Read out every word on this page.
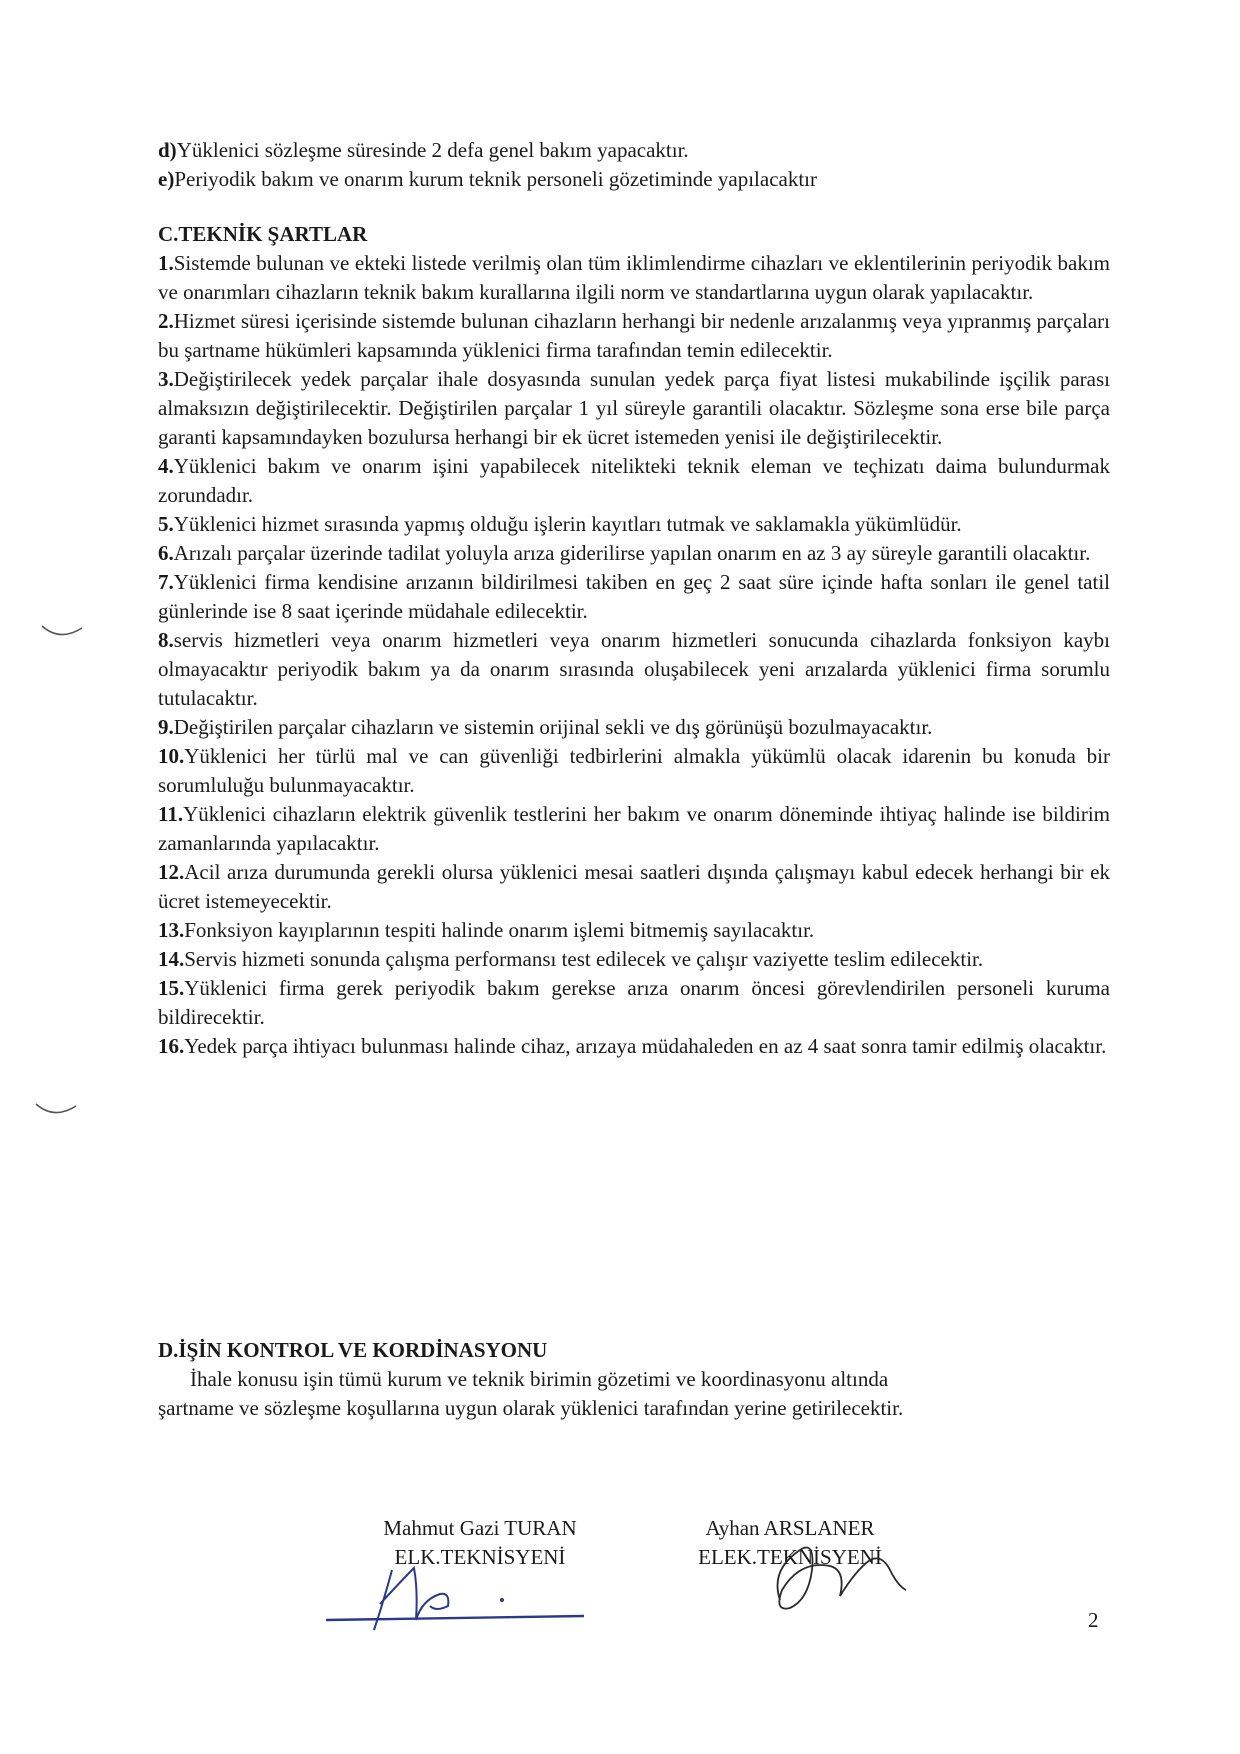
d)Yüklenici sözleşme süresinde 2 defa genel bakım yapacaktır.

e)Periyodik bakım ve onarım kurum teknik personeli gözetiminde yapılacaktır

C.TEKNİK ŞARTLAR

1.Sistemde bulunan ve ekteki listede verilmiş olan tüm iklimlendirme cihazları ve eklentilerinin periyodik bakım ve onarımları cihazların teknik bakım kurallarına ilgili norm ve standartlarına uygun olarak yapılacaktır.

2.Hizmet süresi içerisinde sistemde bulunan cihazların herhangi bir nedenle arızalanmış veya yıpranmış parçaları bu şartname hükümleri kapsamında yüklenici firma tarafından temin edilecektir.

3.Değiştirilecek yedek parçalar ihale dosyasında sunulan yedek parça fiyat listesi mukabilinde işçilik parası almaksızın değiştirilecektir. Değiştirilen parçalar 1 yıl süreyle garantili olacaktır. Sözleşme sona erse bile parça garanti kapsamındayken bozulursa herhangi bir ek ücret istemeden yenisi ile değiştirilecektir.

4.Yüklenici bakım ve onarım işini yapabilecek nitelikteki teknik eleman ve teçhizatı daima bulundurmak zorundadır.

5.Yüklenici hizmet sırasında yapmış olduğu işlerin kayıtları tutmak ve saklamakla yükümlüdür.

6.Arızalı parçalar üzerinde tadilat yoluyla arıza giderilirse yapılan onarım en az 3 ay süreyle garantili olacaktır.

7.Yüklenici firma kendisine arızanın bildirilmesi takiben en geç 2 saat süre içinde hafta sonları ile genel tatil günlerinde ise 8 saat içerinde müdahale edilecektir.

8.servis hizmetleri veya onarım hizmetleri veya onarım hizmetleri sonucunda cihazlarda fonksiyon kaybı olmayacaktır periyodik bakım ya da onarım sırasında oluşabilecek yeni arızalarda yüklenici firma sorumlu tutulacaktır.

9.Değiştirilen parçalar cihazların ve sistemin orijinal sekli ve dış görünüşü bozulmayacaktır.

10.Yüklenici her türlü mal ve can güvenliği tedbirlerini almakla yükümlü olacak idarenin bu konuda bir sorumluluğu bulunmayacaktır.

11.Yüklenici cihazların elektrik güvenlik testlerini her bakım ve onarım döneminde ihtiyaç halinde ise bildirim zamanlarında yapılacaktır.

12.Acil arıza durumunda gerekli olursa yüklenici mesai saatleri dışında çalışmayı kabul edecek herhangi bir ek ücret istemeyecektir.

13.Fonksiyon kayıplarının tespiti halinde onarım işlemi bitmemiş sayılacaktır.

14.Servis hizmeti sonunda çalışma performansı test edilecek ve çalışır vaziyette teslim edilecektir.

15.Yüklenici firma gerek periyodik bakım gerekse arıza onarım öncesi görevlendirilen personeli kuruma bildirecektir.

16.Yedek parça ihtiyacı bulunması halinde cihaz, arızaya müdahaleden en az 4 saat sonra tamir edilmiş olacaktır.

D.İŞİN KONTROL VE KORDİNASYONU

İhale konusu işin tümü kurum ve teknik birimin gözetimi ve koordinasyonu altında

şartname ve sözleşme koşullarına uygun olarak yüklenici tarafından yerine getirilecektir.

Mahmut Gazi TURAN
ELK.TEKNİSYENİ
Ayhan ARSLANER
ELEK.TEKNİSYENİ
2
